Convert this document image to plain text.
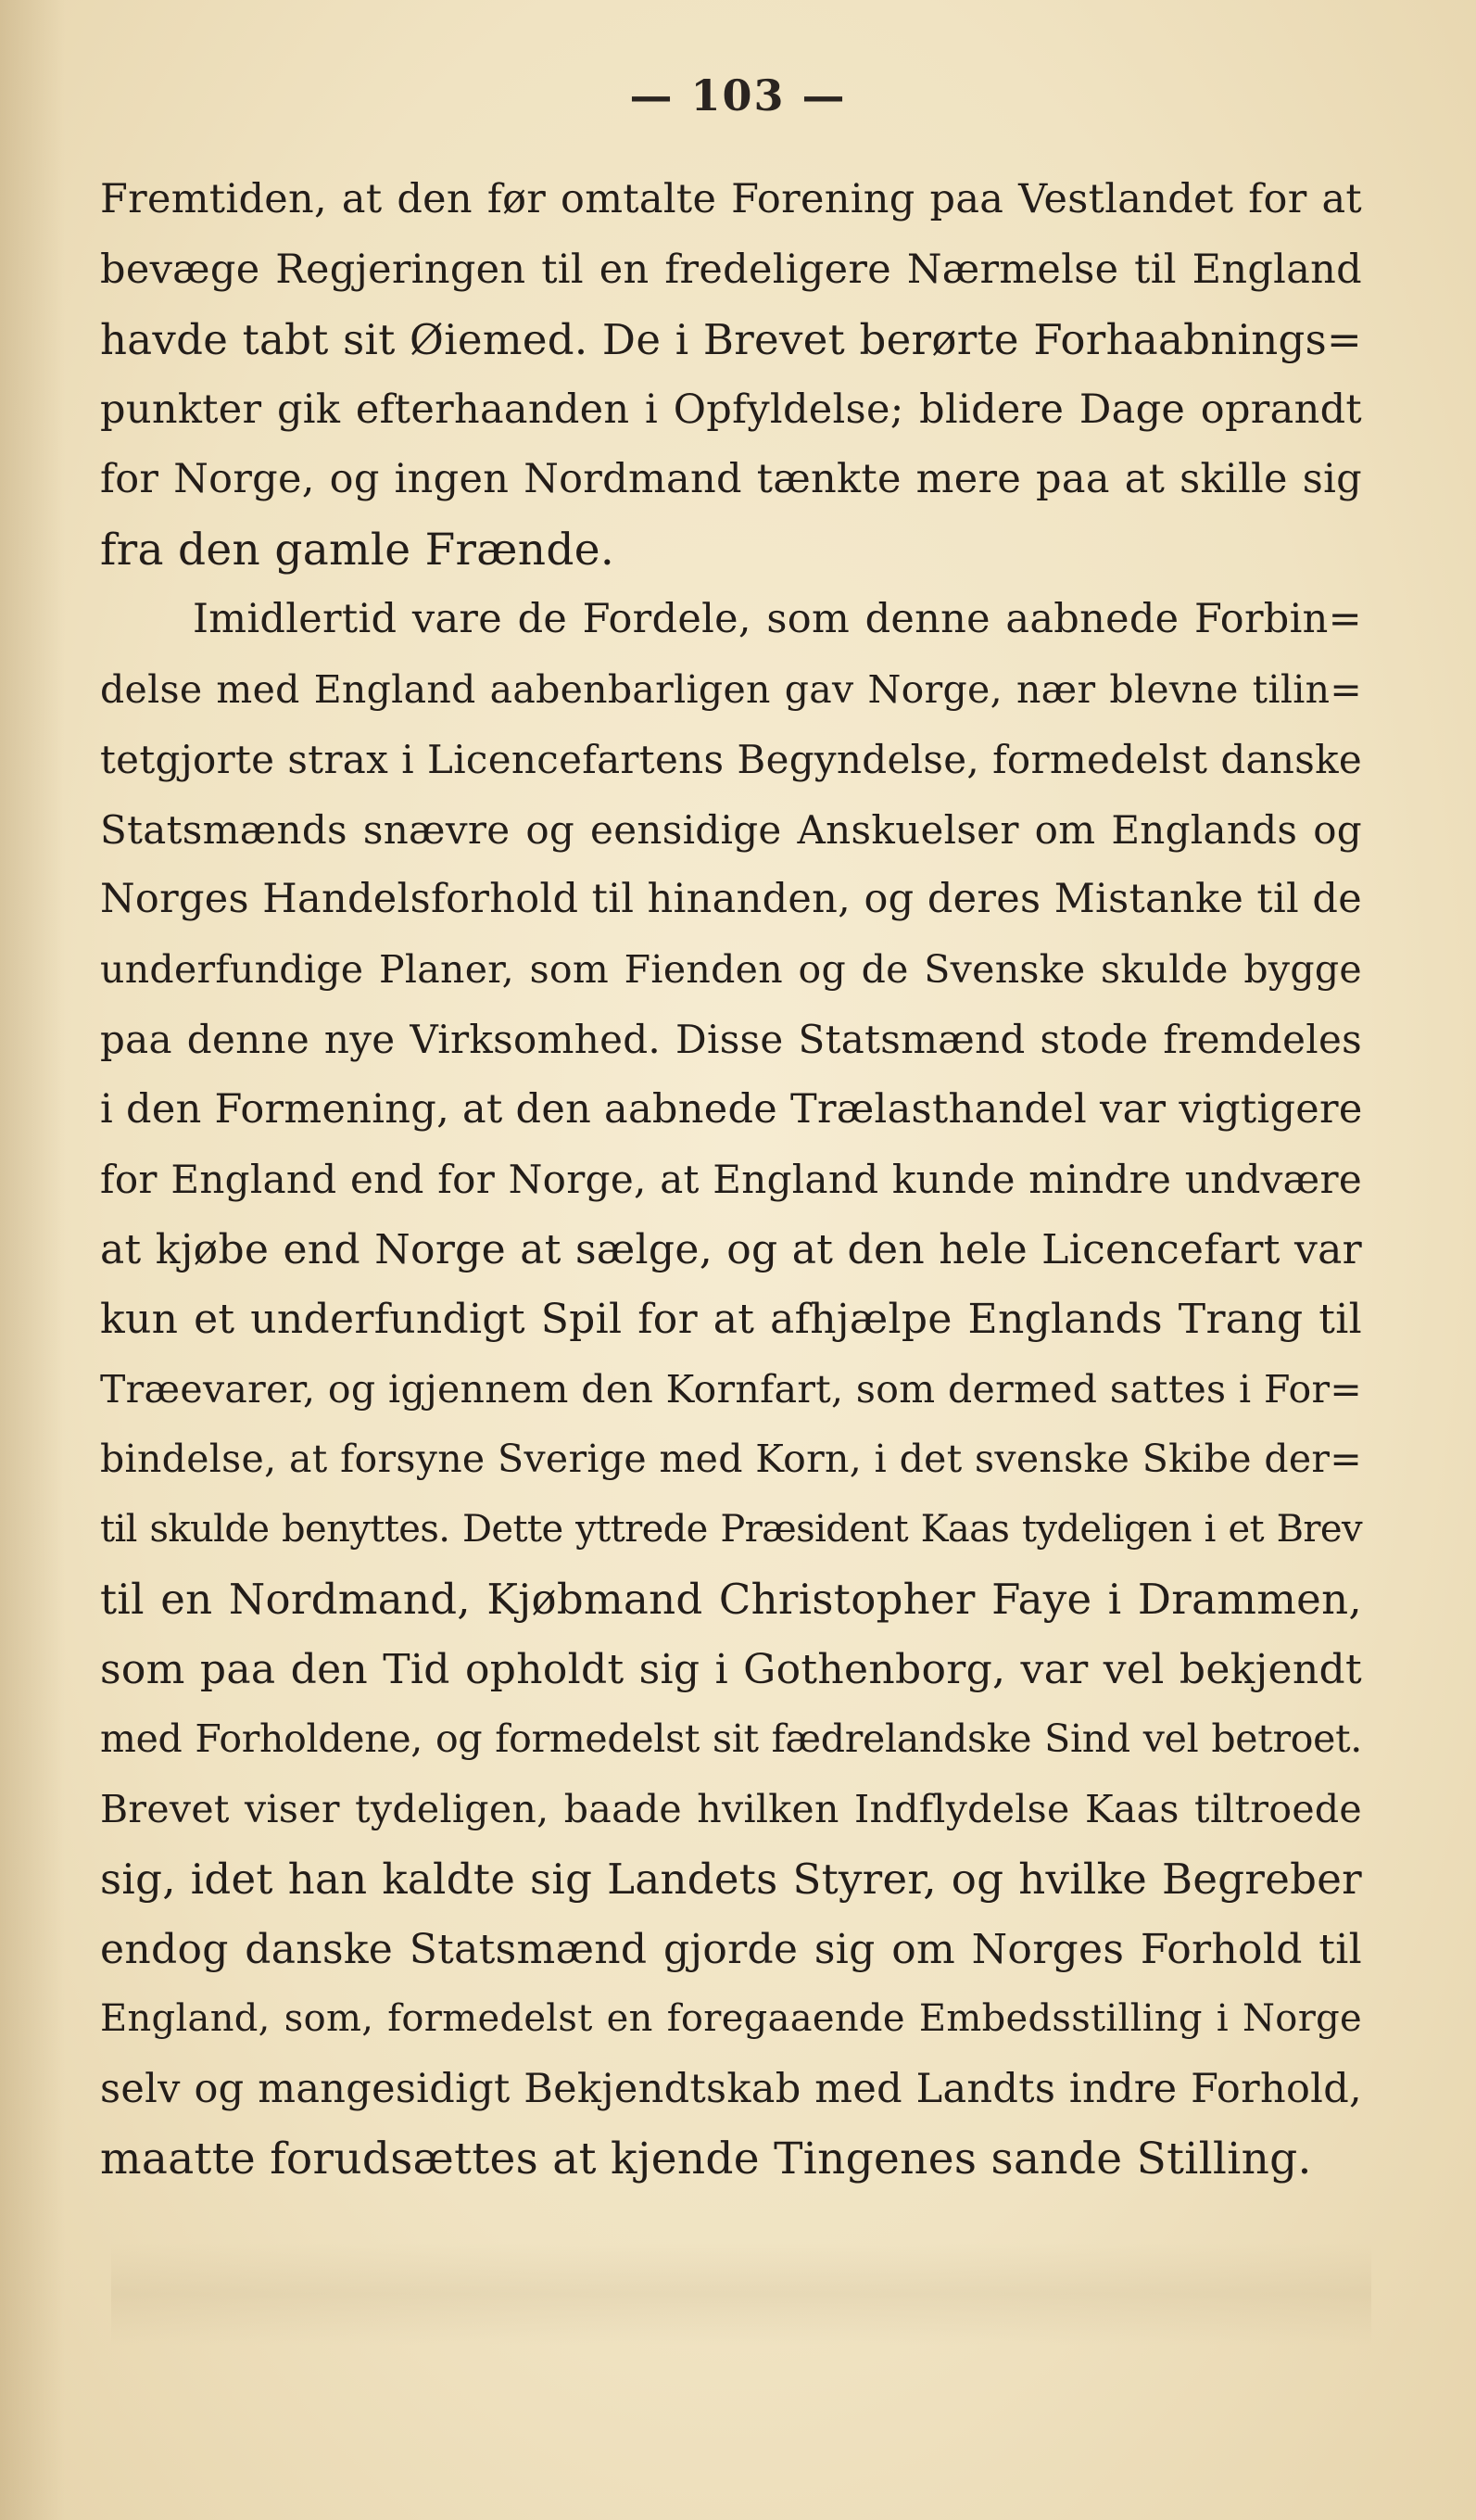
— 103 —
Fremtiden, at den før omtalte Forening paa Vestlandet for at
bevæge Regjeringen til en fredeligere Nærmelse til England
havde tabt sit Øiemed. De i Brevet berørte Forhaabnings=
punkter gik efterhaanden i Opfyldelse; blidere Dage oprandt
for Norge, og ingen Nordmand tænkte mere paa at skille sig
fra den gamle Frænde.
Imidlertid vare de Fordele, som denne aabnede Forbin=
delse med England aabenbarligen gav Norge, nær blevne tilin=
tetgjorte strax i Licencefartens Begyndelse, formedelst danske
Statsmænds snævre og eensidige Anskuelser om Englands og
Norges Handelsforhold til hinanden, og deres Mistanke til de
underfundige Planer, som Fienden og de Svenske skulde bygge
paa denne nye Virksomhed. Disse Statsmænd stode fremdeles
i den Formening, at den aabnede Trælasthandel var vigtigere
for England end for Norge, at England kunde mindre undvære
at kjøbe end Norge at sælge, og at den hele Licencefart var
kun et underfundigt Spil for at afhjælpe Englands Trang til
Træevarer, og igjennem den Kornfart, som dermed sattes i For=
bindelse, at forsyne Sverige med Korn, i det svenske Skibe der=
til skulde benyttes. Dette yttrede Præsident Kaas tydeligen i et Brev
til en Nordmand, Kjøbmand Christopher Faye i Drammen,
som paa den Tid opholdt sig i Gothenborg, var vel bekjendt
med Forholdene, og formedelst sit fædrelandske Sind vel betroet.
Brevet viser tydeligen, baade hvilken Indflydelse Kaas tiltroede
sig, idet han kaldte sig Landets Styrer, og hvilke Begreber
endog danske Statsmænd gjorde sig om Norges Forhold til
England, som, formedelst en foregaaende Embedsstilling i Norge
selv og mangesidigt Bekjendtskab med Landts indre Forhold,
maatte forudsættes at kjende Tingenes sande Stilling.
